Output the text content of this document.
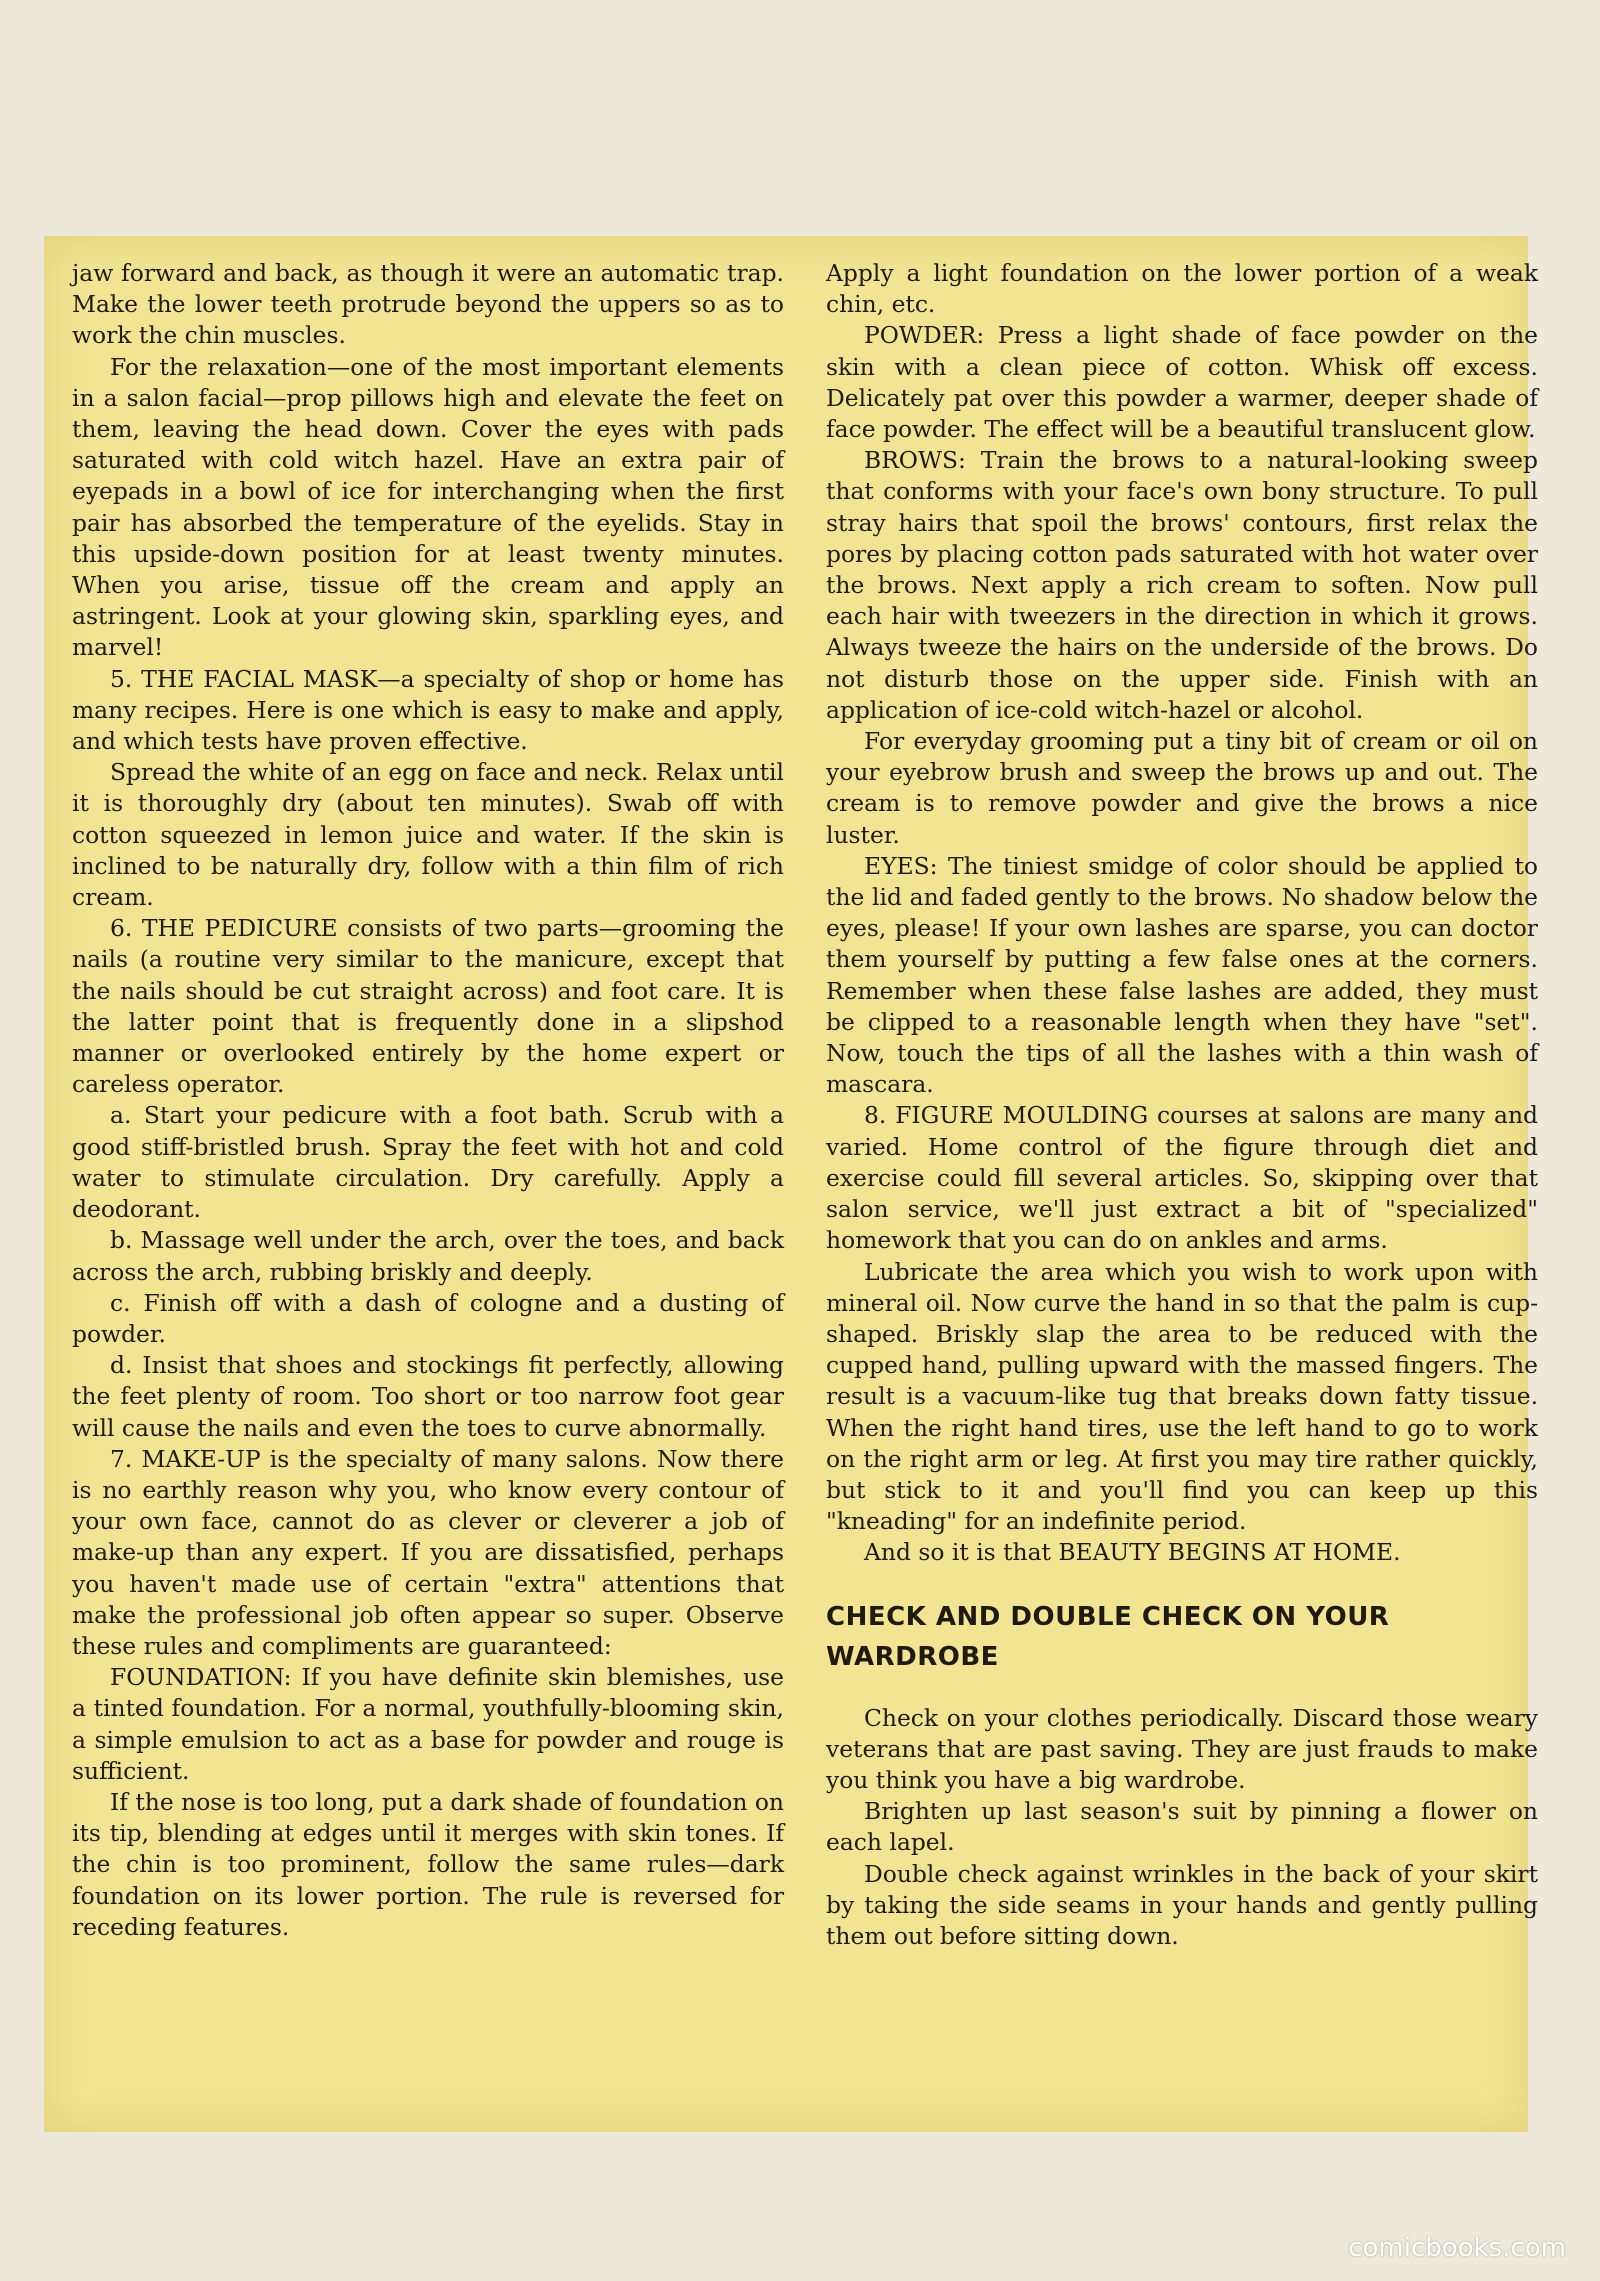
jaw forward and back, as though it were an automatic trap. Make the lower teeth protrude beyond the uppers so as to work the chin muscles.

For the relaxation—one of the most important elements in a salon facial—prop pillows high and elevate the feet on them, leaving the head down. Cover the eyes with pads saturated with cold witch hazel. Have an extra pair of eyepads in a bowl of ice for interchanging when the first pair has absorbed the temperature of the eyelids. Stay in this upside-down position for at least twenty minutes. When you arise, tissue off the cream and apply an astringent. Look at your glowing skin, sparkling eyes, and marvel!

5. THE FACIAL MASK—a specialty of shop or home has many recipes. Here is one which is easy to make and apply, and which tests have proven effective.

Spread the white of an egg on face and neck. Relax until it is thoroughly dry (about ten minutes). Swab off with cotton squeezed in lemon juice and water. If the skin is inclined to be naturally dry, follow with a thin film of rich cream.

6. THE PEDICURE consists of two parts—grooming the nails (a routine very similar to the manicure, except that the nails should be cut straight across) and foot care. It is the latter point that is frequently done in a slipshod manner or overlooked entirely by the home expert or careless operator.

a. Start your pedicure with a foot bath. Scrub with a good stiff-bristled brush. Spray the feet with hot and cold water to stimulate circulation. Dry carefully. Apply a deodorant.

b. Massage well under the arch, over the toes, and back across the arch, rubbing briskly and deeply.

c. Finish off with a dash of cologne and a dusting of powder.

d. Insist that shoes and stockings fit perfectly, allowing the feet plenty of room. Too short or too narrow foot gear will cause the nails and even the toes to curve abnormally.

7. MAKE-UP is the specialty of many salons. Now there is no earthly reason why you, who know every contour of your own face, cannot do as clever or cleverer a job of make-up than any expert. If you are dissatisfied, perhaps you haven't made use of certain "extra" attentions that make the professional job often appear so super. Observe these rules and compliments are guaranteed:

FOUNDATION: If you have definite skin blemishes, use a tinted foundation. For a normal, youthfully-blooming skin, a simple emulsion to act as a base for powder and rouge is sufficient.

If the nose is too long, put a dark shade of foundation on its tip, blending at edges until it merges with skin tones. If the chin is too prominent, follow the same rules—dark foundation on its lower portion. The rule is reversed for receding features.

Apply a light foundation on the lower portion of a weak chin, etc.

POWDER: Press a light shade of face powder on the skin with a clean piece of cotton. Whisk off excess. Delicately pat over this powder a warmer, deeper shade of face powder. The effect will be a beautiful translucent glow.

BROWS: Train the brows to a natural-looking sweep that conforms with your face's own bony structure. To pull stray hairs that spoil the brows' contours, first relax the pores by placing cotton pads saturated with hot water over the brows. Next apply a rich cream to soften. Now pull each hair with tweezers in the direction in which it grows. Always tweeze the hairs on the underside of the brows. Do not disturb those on the upper side. Finish with an application of ice-cold witch-hazel or alcohol.

For everyday grooming put a tiny bit of cream or oil on your eyebrow brush and sweep the brows up and out. The cream is to remove powder and give the brows a nice luster.

EYES: The tiniest smidge of color should be applied to the lid and faded gently to the brows. No shadow below the eyes, please! If your own lashes are sparse, you can doctor them yourself by putting a few false ones at the corners. Remember when these false lashes are added, they must be clipped to a reasonable length when they have "set". Now, touch the tips of all the lashes with a thin wash of mascara.

8. FIGURE MOULDING courses at salons are many and varied. Home control of the figure through diet and exercise could fill several articles. So, skipping over that salon service, we'll just extract a bit of "specialized" homework that you can do on ankles and arms.

Lubricate the area which you wish to work upon with mineral oil. Now curve the hand in so that the palm is cup-shaped. Briskly slap the area to be reduced with the cupped hand, pulling upward with the massed fingers. The result is a vacuum-like tug that breaks down fatty tissue. When the right hand tires, use the left hand to go to work on the right arm or leg. At first you may tire rather quickly, but stick to it and you'll find you can keep up this "kneading" for an indefinite period.

And so it is that BEAUTY BEGINS AT HOME.

CHECK AND DOUBLE CHECK ON YOUR WARDROBE

Check on your clothes periodically. Discard those weary veterans that are past saving. They are just frauds to make you think you have a big wardrobe.

Brighten up last season's suit by pinning a flower on each lapel.

Double check against wrinkles in the back of your skirt by taking the side seams in your hands and gently pulling them out before sitting down.

comicbooks.com
